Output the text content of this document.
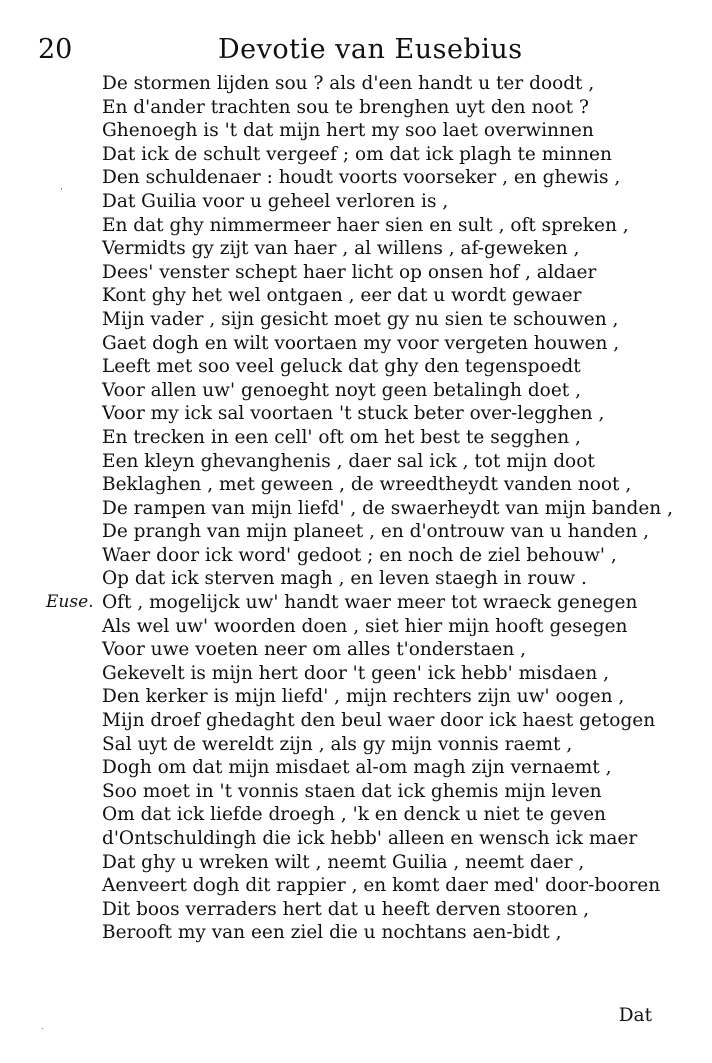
20	Devotie van Eusebius
De stormen lijden sou ? als d'een handt u ter doodt ,
En d'ander trachten sou te brenghen uyt den noot ?
Ghenoegh is 't dat mijn hert my soo laet overwinnen
Dat ick de schult vergeef ; om dat ick plagh te minnen
Den schuldenaer : houdt voorts voorseker , en ghewis ,
Dat Guilia voor u geheel verloren is ,
En dat ghy nimmermeer haer sien en sult , oft spreken ,
Vermidts gy zijt van haer , al willens , af-geweken ,
Dees' venster schept haer licht op onsen hof , aldaer
Kont ghy het wel ontgaen , eer dat u wordt gewaer
Mijn vader , sijn gesicht moet gy nu sien te schouwen ,
Gaet dogh en wilt voortaen my voor vergeten houwen ,
Leeft met soo veel geluck dat ghy den tegenspoedt
Voor allen uw' genoeght noyt geen betalingh doet ,
Voor my ick sal voortaen 't stuck beter over-legghen ,
En trecken in een cell' oft om het best te segghen ,
Een kleyn ghevanghenis , daer sal ick , tot mijn doot
Beklaghen , met geween , de wreedtheydt vanden noot ,
De rampen van mijn liefd' , de swaerheydt van mijn banden ,
De prangh van mijn planeet , en d'ontrouw van u handen ,
Waer door ick word' gedoot ; en noch de ziel behouw' ,
Op dat ick sterven magh , en leven staegh in rouw .
Euse. Oft , mogelijck uw' handt waer meer tot wraeck genegen
Als wel uw' woorden doen , siet hier mijn hooft gesegen
Voor uwe voeten neer om alles t'onderstaen ,
Gekevelt is mijn hert door 't geen' ick hebb' misdaen ,
Den kerker is mijn liefd' , mijn rechters zijn uw' oogen ,
Mijn droef ghedaght den beul waer door ick haest getogen
Sal uyt de wereldt zijn , als gy mijn vonnis raemt ,
Dogh om dat mijn misdaet al-om magh zijn vernaemt ,
Soo moet in 't vonnis staen dat ick ghemis mijn leven
Om dat ick liefde droegh , 'k en denck u niet te geven
d'Ontschuldingh die ick hebb' alleen en wensch ick maer
Dat ghy u wreken wilt , neemt Guilia , neemt daer ,
Aenveert dogh dit rappier , en komt daer med' door-booren
Dit boos verraders hert dat u heeft derven stooren ,
Berooft my van een ziel die u nochtans aen-bidt ,
Dat
˙
·
